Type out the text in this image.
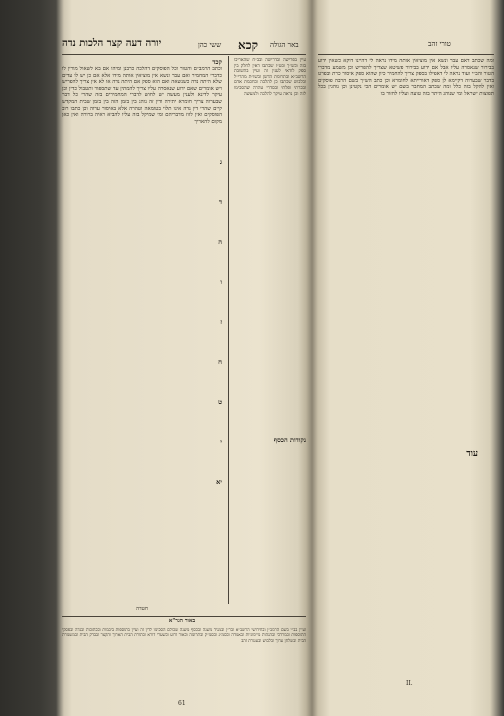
קכא
ששי כהן
יורה דעה קצר הלכות נדה	באר הגולה
קכד
וכתב הרמב״ם והטור וכל הפוסקים דהלכה כרבנן ומיהו אם בא לשאול מורין לו כדברי המחמיר ואם עבר ונשא אין מוציאין אותה מידו אלא אם כן יש לו עדים שלא היתה נדה כשנשאה ואם הוא ספק אם היתה נדה או לא אין צריך להפריש ויש אומרים שאם ידוע שנאסרה עליו צריך להמתין עד שתספור ותטבול כדין וכן עיקר לדינא ולענין מעשה יש לחוש לדברי המחמירים בזה שהרי כל דבר שבערוה צריך חומרא יתירה ודין זה נוהג בין בזמן הזה בין בזמן שבית המקדש קיים שהרי דין נדה אינו תלוי בטומאה וטהרה אלא באיסור ערוה וכן כתבו רוב הפוסקים ואין לזוז מדבריהם ומי שמיקל בזה עליו להביא ראיה ברורה ואין כאן מקום להאריך
נקודות הכסף
עיין בפרישה ובדרישה ובב״ח שהאריכו בזה ובש״ך ובט״ז שכתבו דאין לחלק בין ספק לודאי לענין זה ועיין בתשובת הרשב״א ובתרומת הדשן ובשו״ת מהרי״ל ובלבוש שכתבו כן להלכה ובחכמת אדם ובכרתי ופלתי ובסדרי טהרה שהסכימו לזה וכן נראה עיקר להלכה ולמעשה
חטדה
באור הגר"א
ועיין בב״י בשם הרמב״ן ובחידושי הרשב״א ובר״ן ובמגיד משנה ובכסף משנה שכולם הסכימו לדין זה ועיין בתוספות ביבמות ובכתובות ובנדה ובפסקי התוספות ובמרדכי ובהגהות מיימוניות ובאגודה ובסמ״ג ובסמ״ק ובתרומה ובאור זרוע ובשערי דורא ובתורת הבית הארוך והקצר ובבדק הבית ובמשמרת הבית ובשלחן ערוך ובלבוש ובעטרת זהב
61
ג
ד
ה
ו
ז
ח
ט
י
יא
טורי זהב
ומה שכתב דאם עבר ונשא אין מוציאין אותה מידו נראה לי דהיינו דוקא כשאין ידוע בבירור שנאסרה עליו אבל אם ידוע בבירור פשיטא שצריך להפריש וכן משמע מדברי הטור והב״י ועוד נראה לי דאפילו בספק צריך להחמיר כיון שהוא ספק איסור כרת ובפרט בדבר שבערוה דקיימא לן ספק דאורייתא לחומרא וכן כתב הש״ך בשם הרבה פוסקים ואין להקל בזה כלל ומה שכתב המחבר בשם יש אומרים הכי נקטינן וכן נוהגין בכל תפוצות ישראל ומי שנוהג היתר בזה טועה ועליו לחזור בו
עוד
II.
